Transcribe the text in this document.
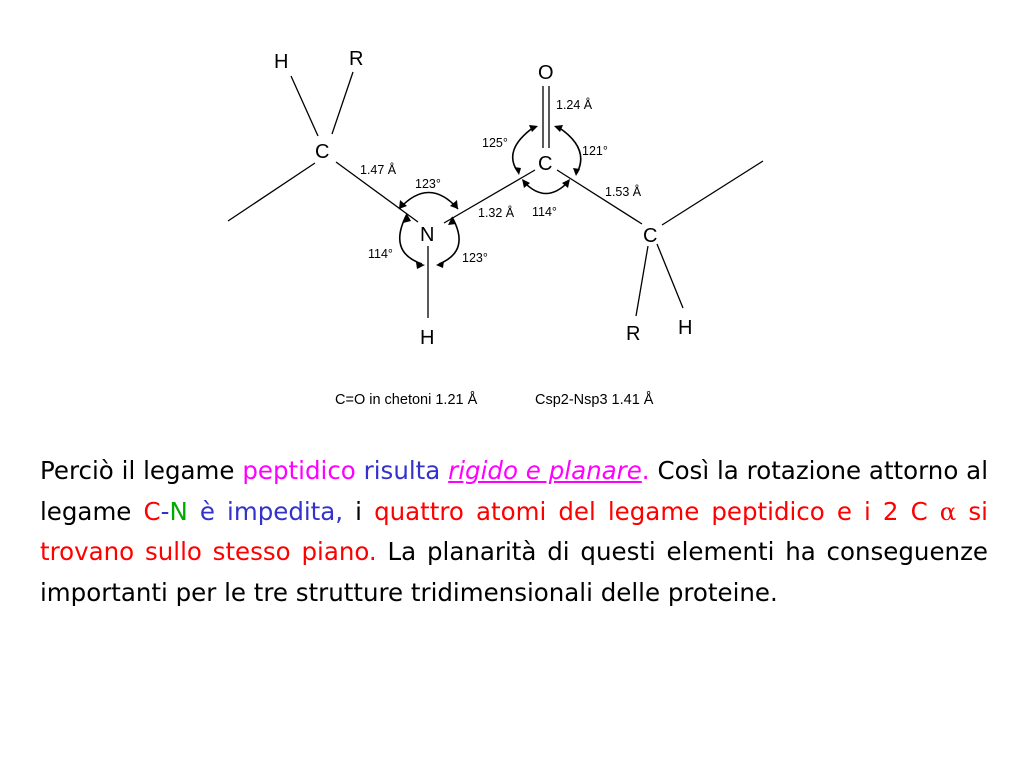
H	R
C
N
H
O
C
C
R H
1.24 Å
125°
121°
1.47 Å
123°
1.32 Å 114°
1.53 Å
114°	123°
C=O in chetoni 1.21 Å	Csp2-Nsp3 1.41 Å

Perciò il legame peptidico risulta rigido e planare. Così la rotazione attorno al legame C-N è impedita, i quattro atomi del legame peptidico e i 2 C α si trovano sullo stesso piano. La planarità di questi elementi ha conseguenze importanti per le tre strutture tridimensionali delle proteine.
